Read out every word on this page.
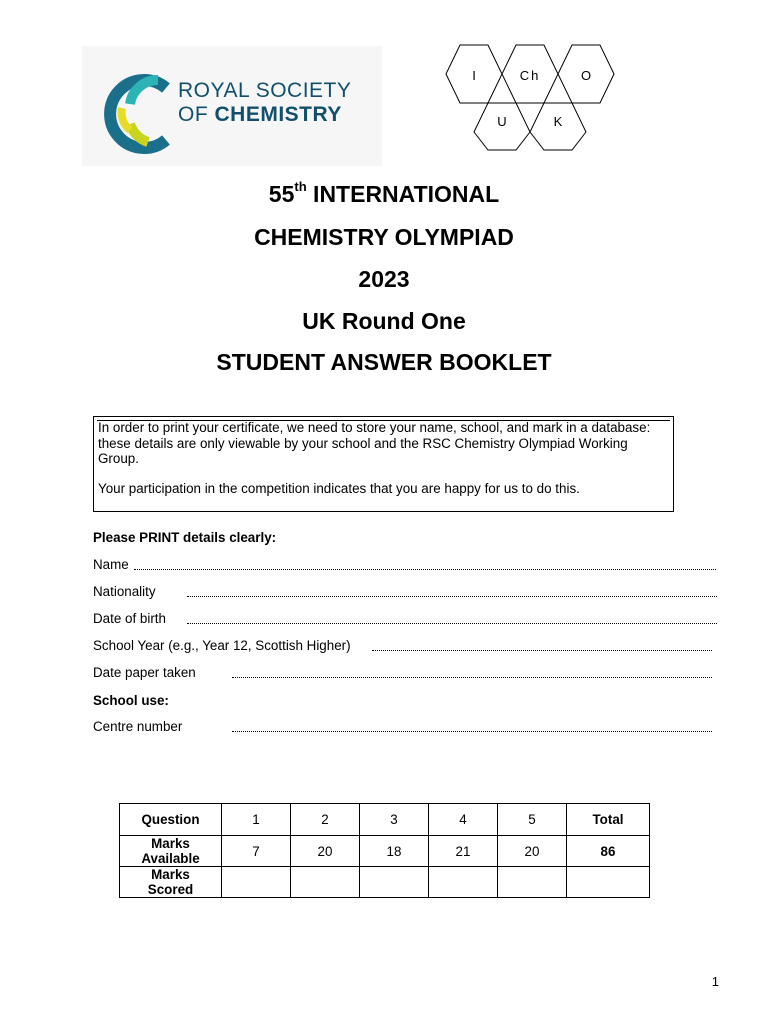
ROYAL SOCIETY
OF CHEMISTRY
I	Ch	O
U	K
55th INTERNATIONAL
CHEMISTRY OLYMPIAD
2023
UK Round One
STUDENT ANSWER BOOKLET

In order to print your certificate, we need to store your name, school, and mark in a database: these details are only viewable by your school and the RSC Chemistry Olympiad Working Group.

Your participation in the competition indicates that you are happy for us to do this.

Please PRINT details clearly:
Name
Nationality
Date of birth
School Year (e.g., Year 12, Scottish Higher)
Date paper taken
School use:
Centre number
Question	1	2	3	4	5	Total

Marks
Available	7	20	18	21	20	86

Marks
Scored						

1
